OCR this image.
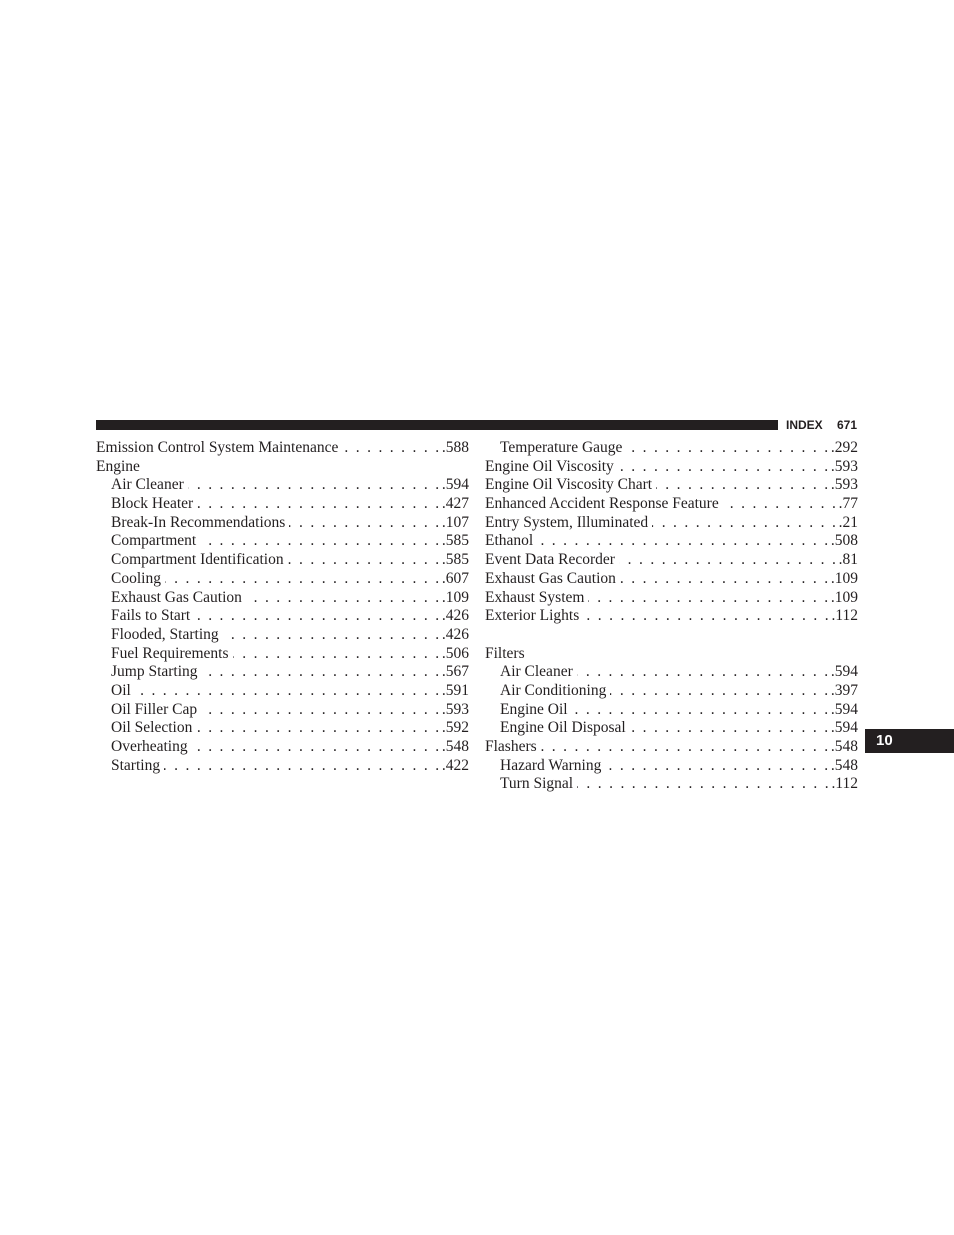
INDEX 671
Emission Control System Maintenance . . .	.588
Engine
Air Cleaner . . .	.594
Block Heater . . .	.427
Break-In Recommendations . . .	.107
Compartment . . .	.585
Compartment Identification . . .	.585
Cooling . . .	.607
Exhaust Gas Caution . . .	.109
Fails to Start . . .	.426
Flooded, Starting . . .	.426
Fuel Requirements . . .	.506
Jump Starting . . .	.567
Oil . . .	.591
Oil Filler Cap . . .	.593
Oil Selection . . .	.592
Overheating . . .	.548
Starting . . .	.422
Temperature Gauge . . .	.292
Engine Oil Viscosity . . .	.593
Engine Oil Viscosity Chart . . .	.593
Enhanced Accident Response Feature . . .	.77
Entry System, Illuminated . . .	.21
Ethanol . . .	.508
Event Data Recorder . . .	.81
Exhaust Gas Caution . . .	.109
Exhaust System . . .	.109
Exterior Lights . . .	.112
Filters
Air Cleaner . . .	.594
Air Conditioning . . .	.397
Engine Oil . . .	.594
Engine Oil Disposal . . .	.594
Flashers . . .	.548
Hazard Warning . . .	.548
Turn Signal . . .	.112
10
